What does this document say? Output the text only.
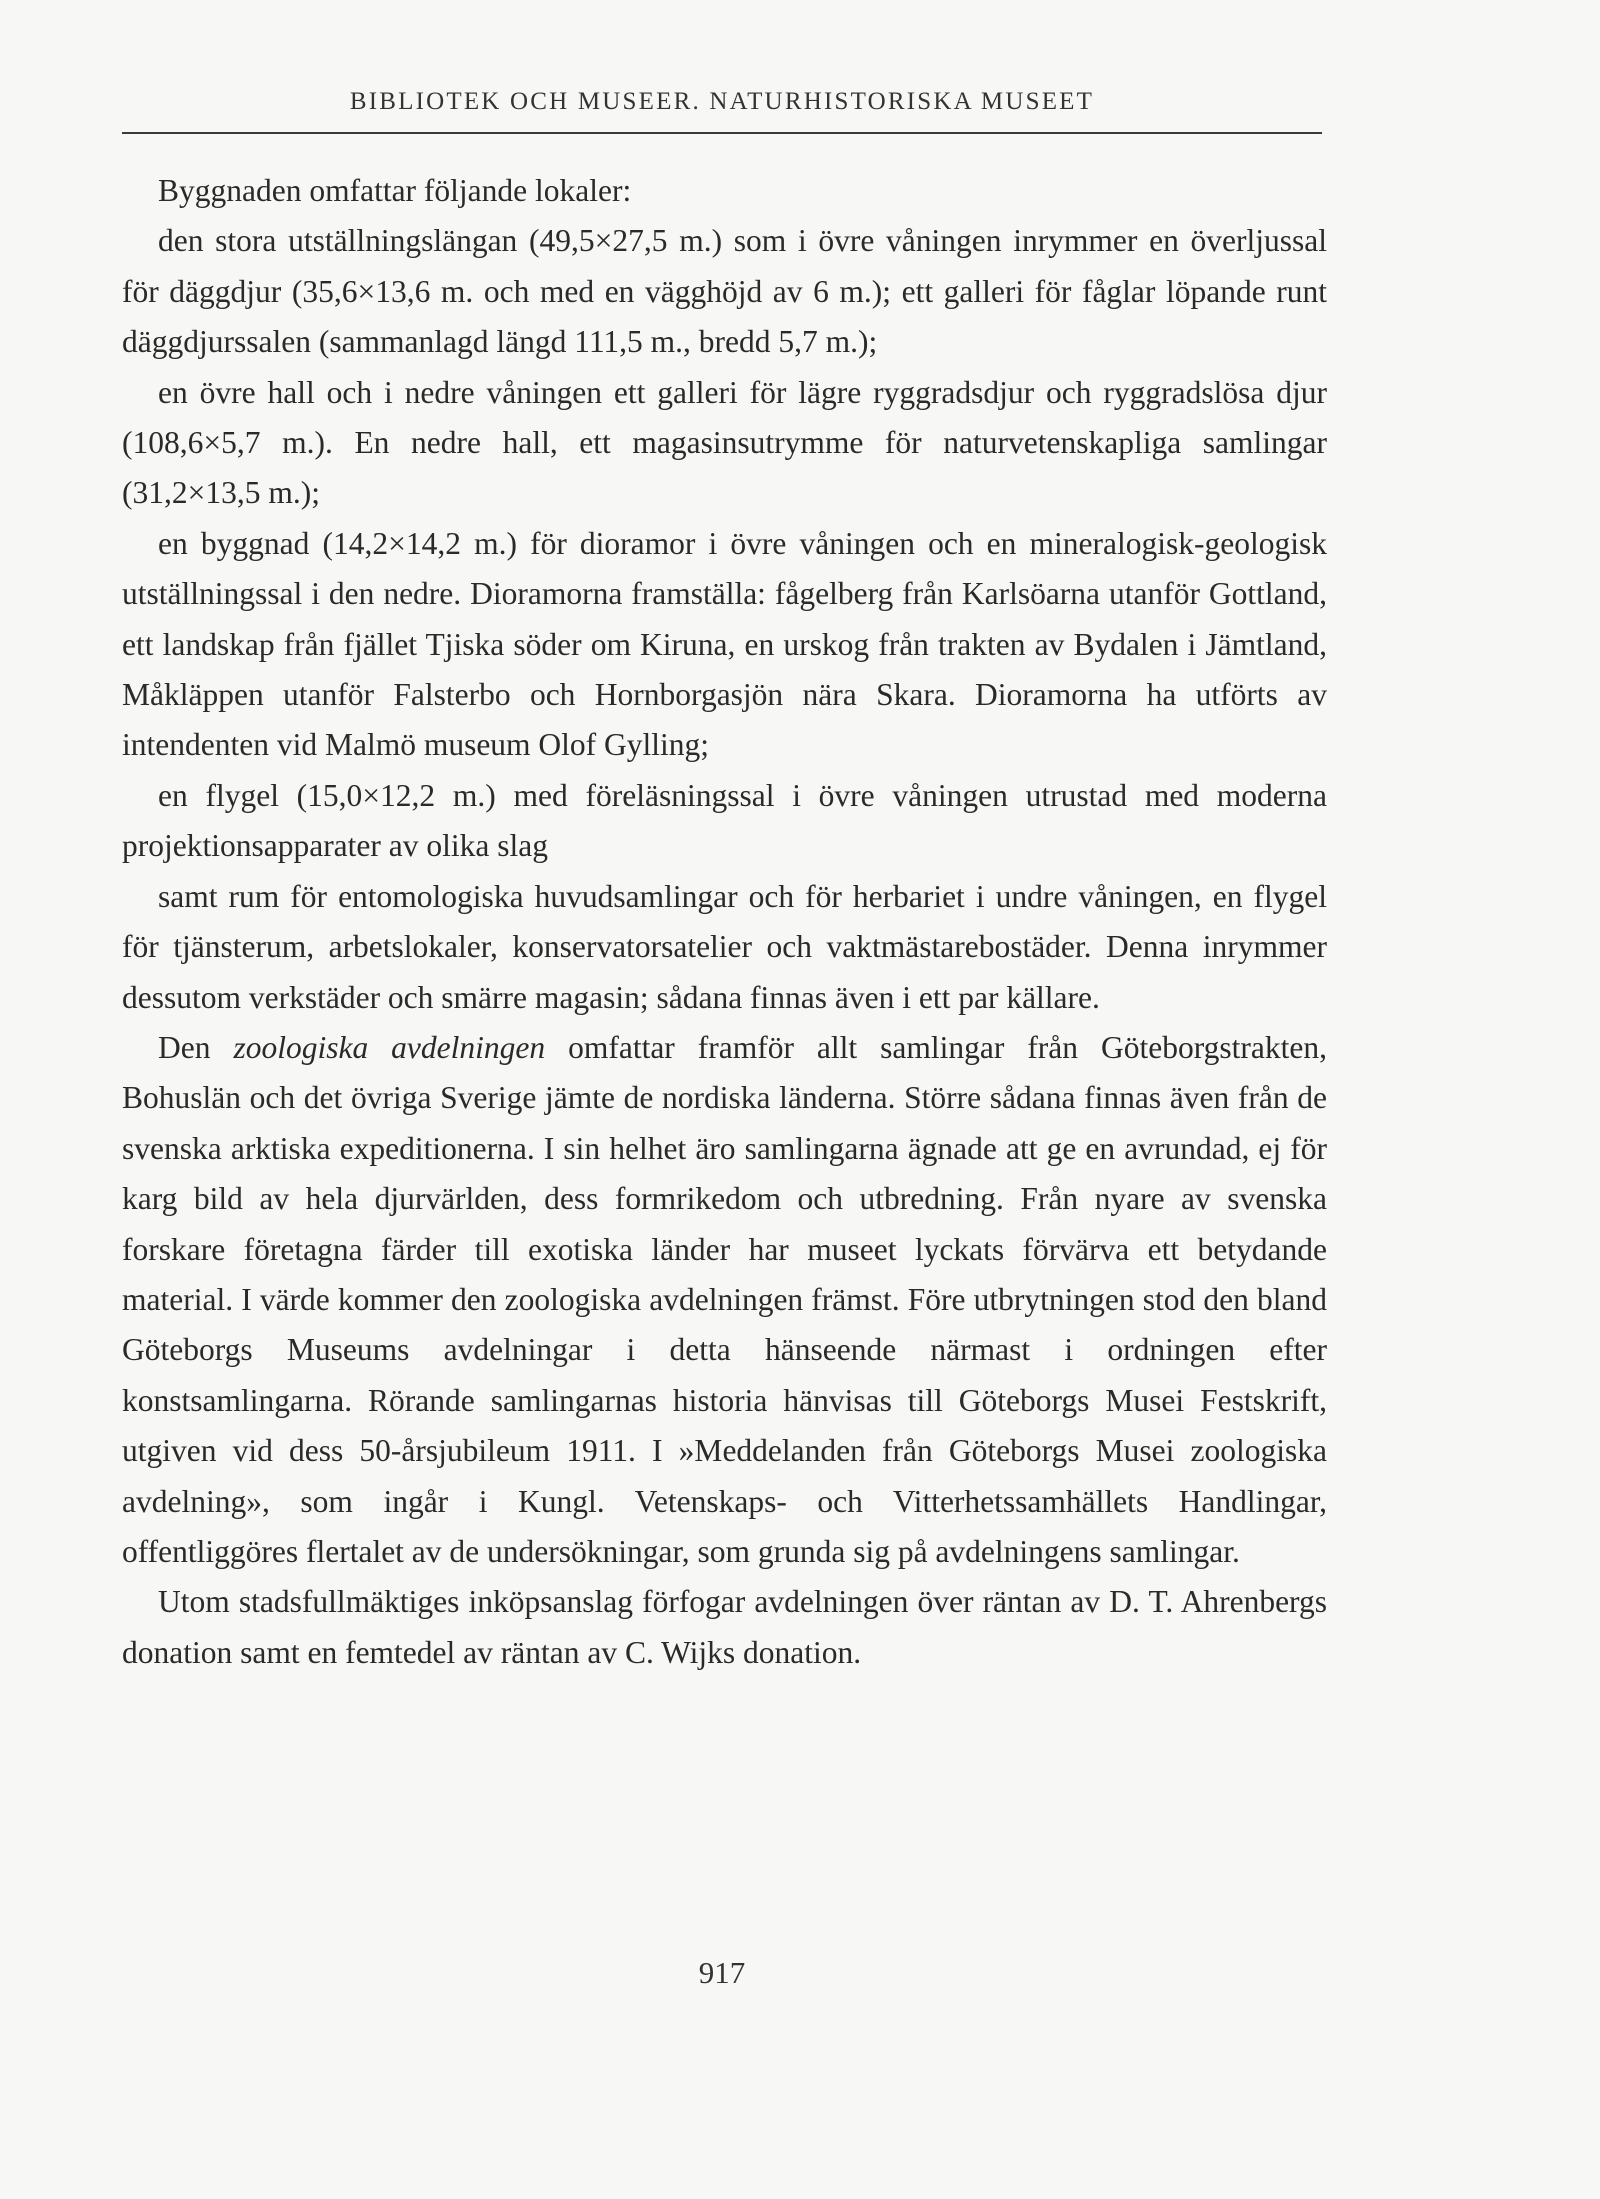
BIBLIOTEK OCH MUSEER. NATURHISTORISKA MUSEET

Byggnaden omfattar följande lokaler:

den stora utställningslängan (49,5×27,5 m.) som i övre våningen inrymmer en överljussal för däggdjur (35,6×13,6 m. och med en vägghöjd av 6 m.); ett galleri för fåglar löpande runt däggdjurssalen (sammanlagd längd 111,5 m., bredd 5,7 m.);

en övre hall och i nedre våningen ett galleri för lägre ryggradsdjur och ryggradslösa djur (108,6×5,7 m.). En nedre hall, ett magasinsutrymme för naturvetenskapliga samlingar (31,2×13,5 m.);

en byggnad (14,2×14,2 m.) för dioramor i övre våningen och en mineralogisk-geologisk utställningssal i den nedre. Dioramorna framställa: fågelberg från Karlsöarna utanför Gottland, ett landskap från fjället Tjiska söder om Kiruna, en urskog från trakten av Bydalen i Jämtland, Måkläppen utanför Falsterbo och Hornborgasjön nära Skara. Dioramorna ha utförts av intendenten vid Malmö museum Olof Gylling;

en flygel (15,0×12,2 m.) med föreläsningssal i övre våningen utrustad med moderna projektionsapparater av olika slag

samt rum för entomologiska huvudsamlingar och för herbariet i undre våningen, en flygel för tjänsterum, arbetslokaler, konservatorsatelier och vaktmästarebostäder. Denna inrymmer dessutom verkstäder och smärre magasin; sådana finnas även i ett par källare.

Den zoologiska avdelningen omfattar framför allt samlingar från Göteborgstrakten, Bohuslän och det övriga Sverige jämte de nordiska länderna. Större sådana finnas även från de svenska arktiska expeditionerna. I sin helhet äro samlingarna ägnade att ge en avrundad, ej för karg bild av hela djurvärlden, dess formrikedom och utbredning. Från nyare av svenska forskare företagna färder till exotiska länder har museet lyckats förvärva ett betydande material. I värde kommer den zoologiska avdelningen främst. Före utbrytningen stod den bland Göteborgs Museums avdelningar i detta hänseende närmast i ordningen efter konstsamlingarna. Rörande samlingarnas historia hänvisas till Göteborgs Musei Festskrift, utgiven vid dess 50-årsjubileum 1911. I »Meddelanden från Göteborgs Musei zoologiska avdelning», som ingår i Kungl. Vetenskaps- och Vitterhetssamhällets Handlingar, offentliggöres flertalet av de undersökningar, som grunda sig på avdelningens samlingar.

Utom stadsfullmäktiges inköpsanslag förfogar avdelningen över räntan av D. T. Ahrenbergs donation samt en femtedel av räntan av C. Wijks donation.

917
